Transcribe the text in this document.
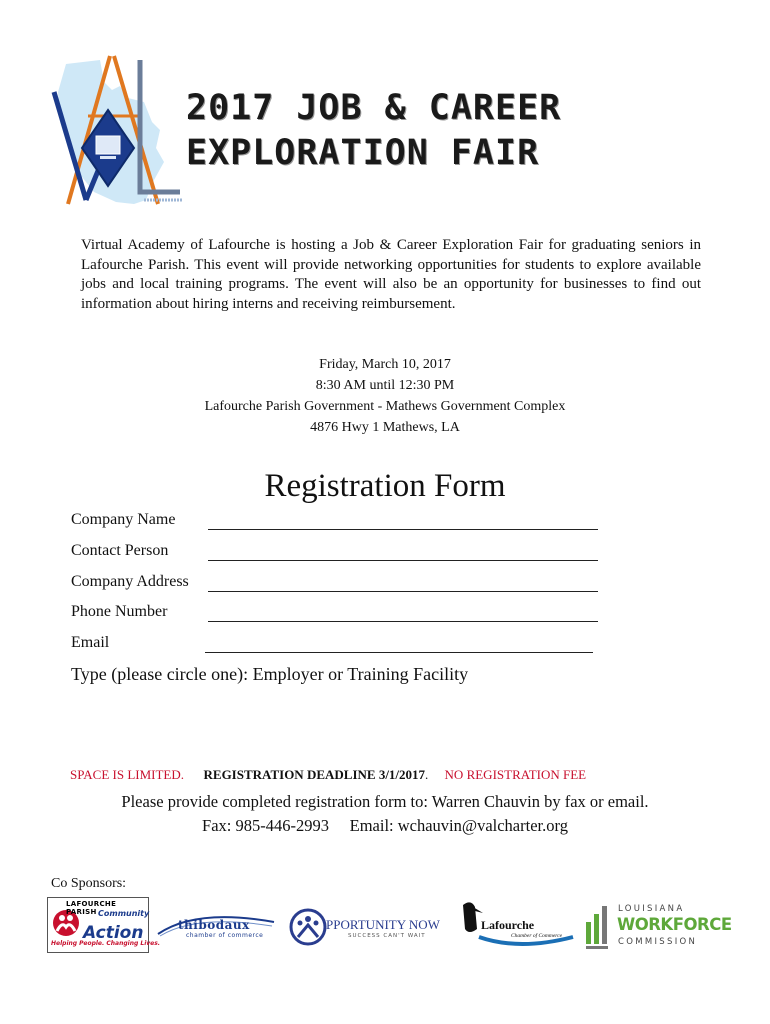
2017 JOB & CAREER
EXPLORATION FAIR
Virtual Academy of Lafourche is hosting a Job & Career Exploration Fair for graduating seniors in Lafourche Parish. This event will provide networking opportunities for students to explore available jobs and local training programs. The event will also be an opportunity for businesses to find out information about hiring interns and receiving reimbursement.
Friday, March 10, 2017
8:30 AM until 12:30 PM
Lafourche Parish Government - Mathews Government Complex
4876 Hwy 1 Mathews, LA
Registration Form
Company Name
Contact Person
Company Address
Phone Number
Email
Type (please circle one): Employer or Training Facility
SPACE IS LIMITED. REGISTRATION DEADLINE 3/1/2017. NO REGISTRATION FEE
Please provide completed registration form to: Warren Chauvin by fax or email.
Fax: 985-446-2993 Email: wchauvin@valcharter.org
Co Sponsors:
LAFOURCHE PARISH Community
Action
Helping People. Changing Lives.
thibodaux
chamber of commerce
PPORTUNITY NOW
SUCCESS CAN'T WAIT
Lafourche
Chamber of Commerce
LOUISIANA
WORKFORCE
COMMISSION
